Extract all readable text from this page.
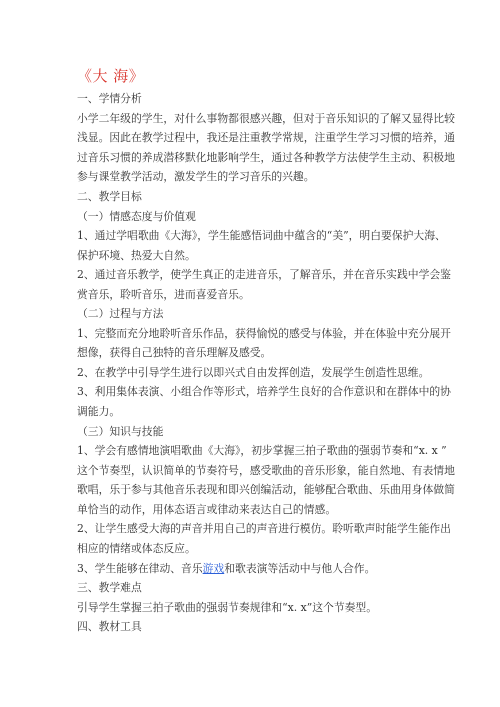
《大 海》
一、学情分析
小学二年级的学生，对什么事物都很感兴趣，但对于音乐知识的了解又显得比较
浅显。因此在教学过程中，我还是注重教学常规，注重学生学习习惯的培养，通
过音乐习惯的养成潜移默化地影响学生，通过各种教学方法使学生主动、积极地
参与课堂教学活动，激发学生的学习音乐的兴趣。
二、教学目标
（一）情感态度与价值观
1、通过学唱歌曲《大海》，学生能感悟词曲中蕴含的“美”，明白要保护大海、
保护环境、热爱大自然。
2、通过音乐教学，使学生真正的走进音乐，了解音乐，并在音乐实践中学会鉴
赏音乐，聆听音乐，进而喜爱音乐。
（二）过程与方法
1、完整而充分地聆听音乐作品，获得愉悦的感受与体验，并在体验中充分展开
想像，获得自己独特的音乐理解及感受。
2、在教学中引导学生进行以即兴式自由发挥创造，发展学生创造性思维。
3、利用集体表演、小组合作等形式，培养学生良好的合作意识和在群体中的协
调能力。
（三）知识与技能
1、学会有感情地演唱歌曲《大海》，初步掌握三拍子歌曲的强弱节奏和“x. x ”
这个节奏型，认识简单的节奏符号，感受歌曲的音乐形象，能自然地、有表情地
歌唱，乐于参与其他音乐表现和即兴创编活动，能够配合歌曲、乐曲用身体做简
单恰当的动作，用体态语言或律动来表达自己的情感。
2、让学生感受大海的声音并用自己的声音进行模仿。聆听歌声时能学生能作出
相应的情绪或体态反应。
3、学生能够在律动、音乐游戏和歌表演等活动中与他人合作。
三、教学难点
引导学生掌握三拍子歌曲的强弱节奏规律和“x. x”这个节奏型。
四、教材工具
